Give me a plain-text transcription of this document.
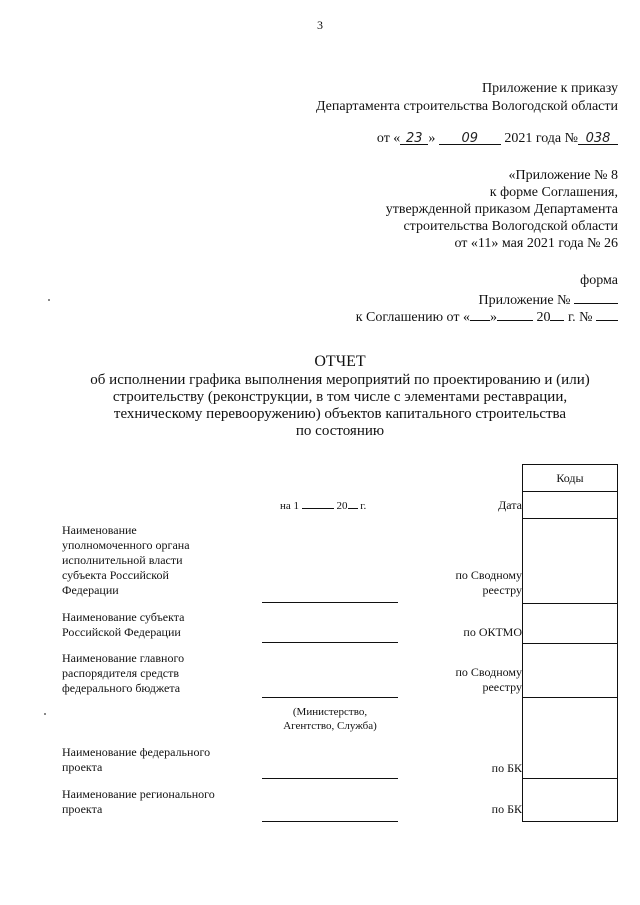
3
Приложение к приказу
Департамента строительства Вологодской области
от « 23 » 09 2021 года № 038
«Приложение № 8
к форме Соглашения,
утвержденной приказом Департамента
строительства Вологодской области
от «11» мая 2021 года № 26
форма
Приложение №
к Соглашению от « »	20 г. №
ОТЧЕТ
об исполнении графика выполнения мероприятий по проектированию и (или)
строительству (реконструкции, в том числе с элементами реставрации,
техническому перевооружению) объектов капитального строительства
по состоянию
Коды
на 1	20 г.	Дата
Наименование уполномоченного органа исполнительной власти субъекта Российской Федерации
по Сводному
реестру
Наименование субъекта Российской Федерации	по ОКТМО
Наименование главного распорядителя средств федерального бюджета
по Сводному
реестру
(Министерство,
Агентство, Служба)
Наименование федерального проекта	по БК
Наименование регионального проекта	по БК
